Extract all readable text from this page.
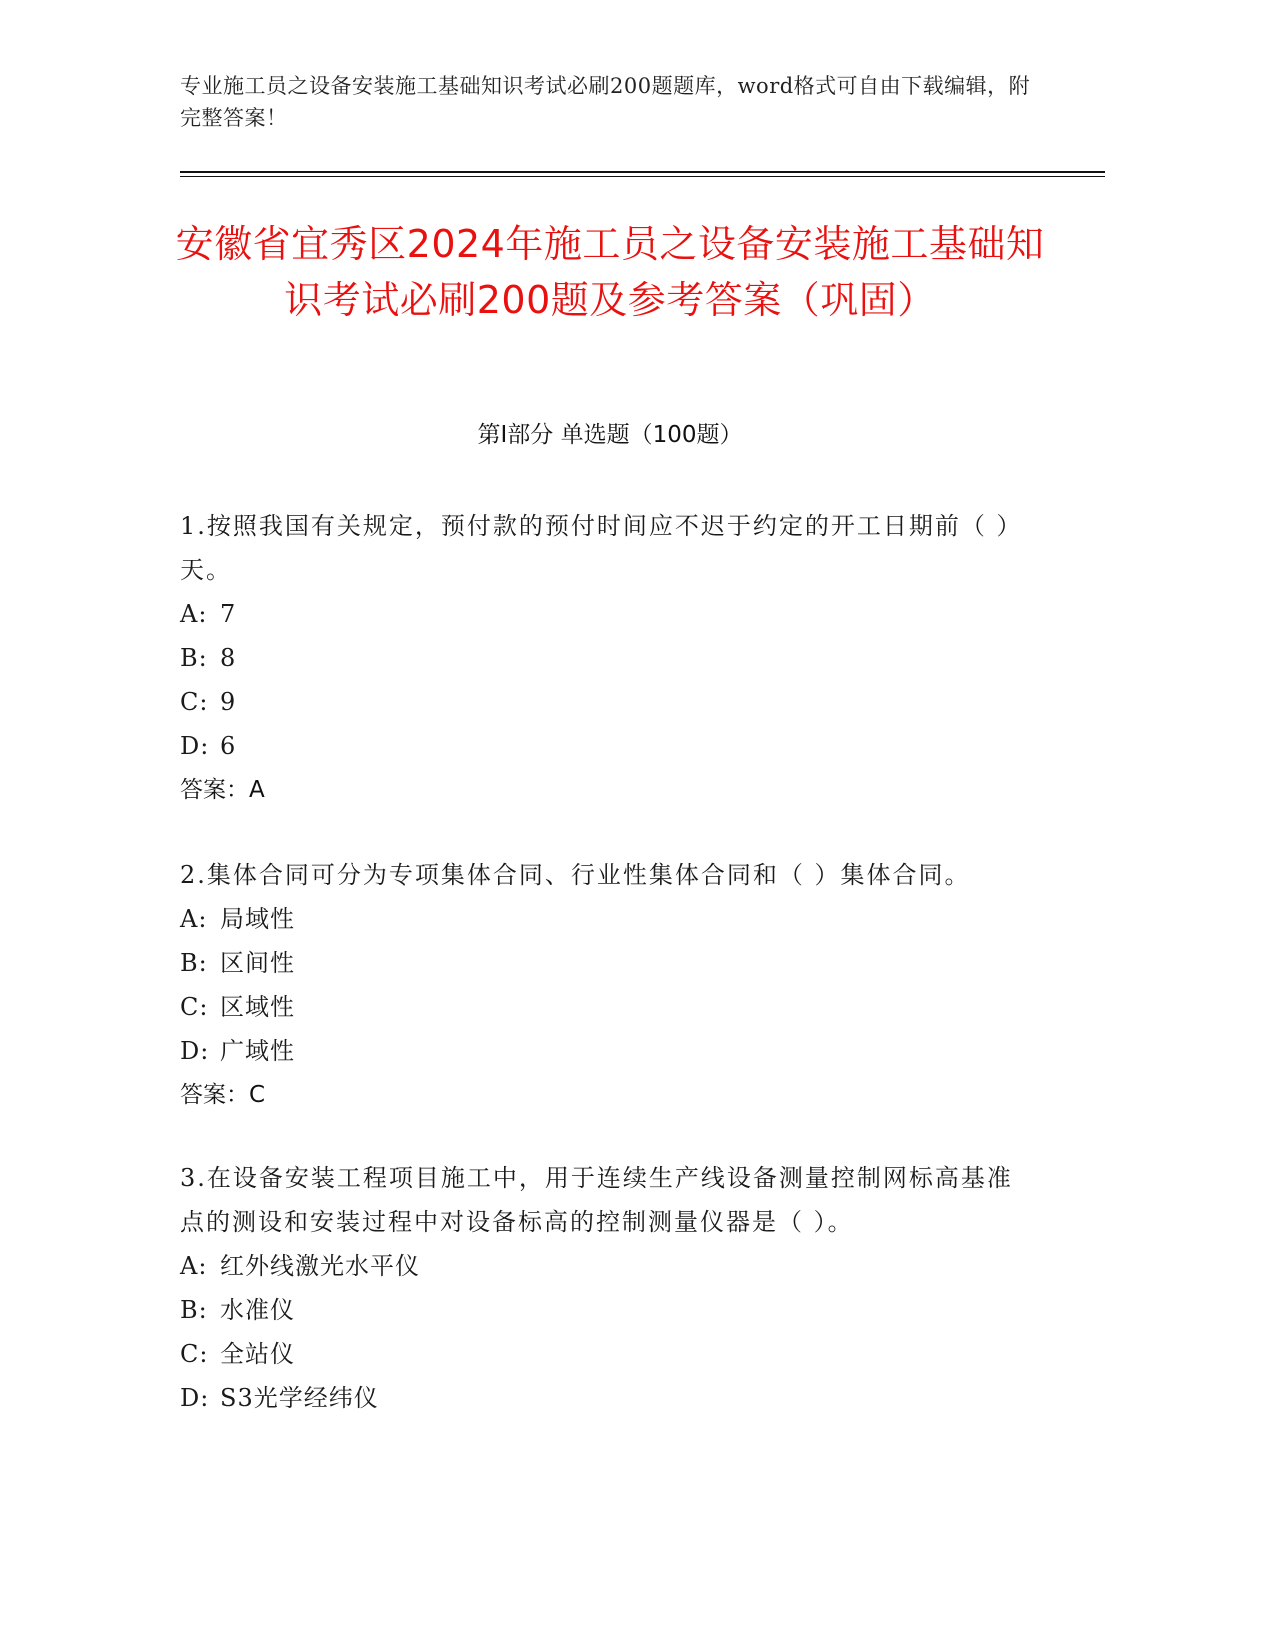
专业施工员之设备安装施工基础知识考试必刷200题题库，word格式可自由下载编辑，附完整答案！
安徽省宜秀区2024年施工员之设备安装施工基础知识考试必刷200题及参考答案（巩固）
第Ⅰ部分 单选题（100题）
1.按照我国有关规定，预付款的预付时间应不迟于约定的开工日期前（ ）天。
A: 7
B: 8
C: 9
D: 6
答案：A
2.集体合同可分为专项集体合同、行业性集体合同和（ ）集体合同。
A: 局域性
B: 区间性
C: 区域性
D: 广域性
答案：C
3.在设备安装工程项目施工中，用于连续生产线设备测量控制网标高基准点的测设和安装过程中对设备标高的控制测量仪器是（ ）。
A: 红外线激光水平仪
B: 水准仪
C: 全站仪
D: S3光学经纬仪
